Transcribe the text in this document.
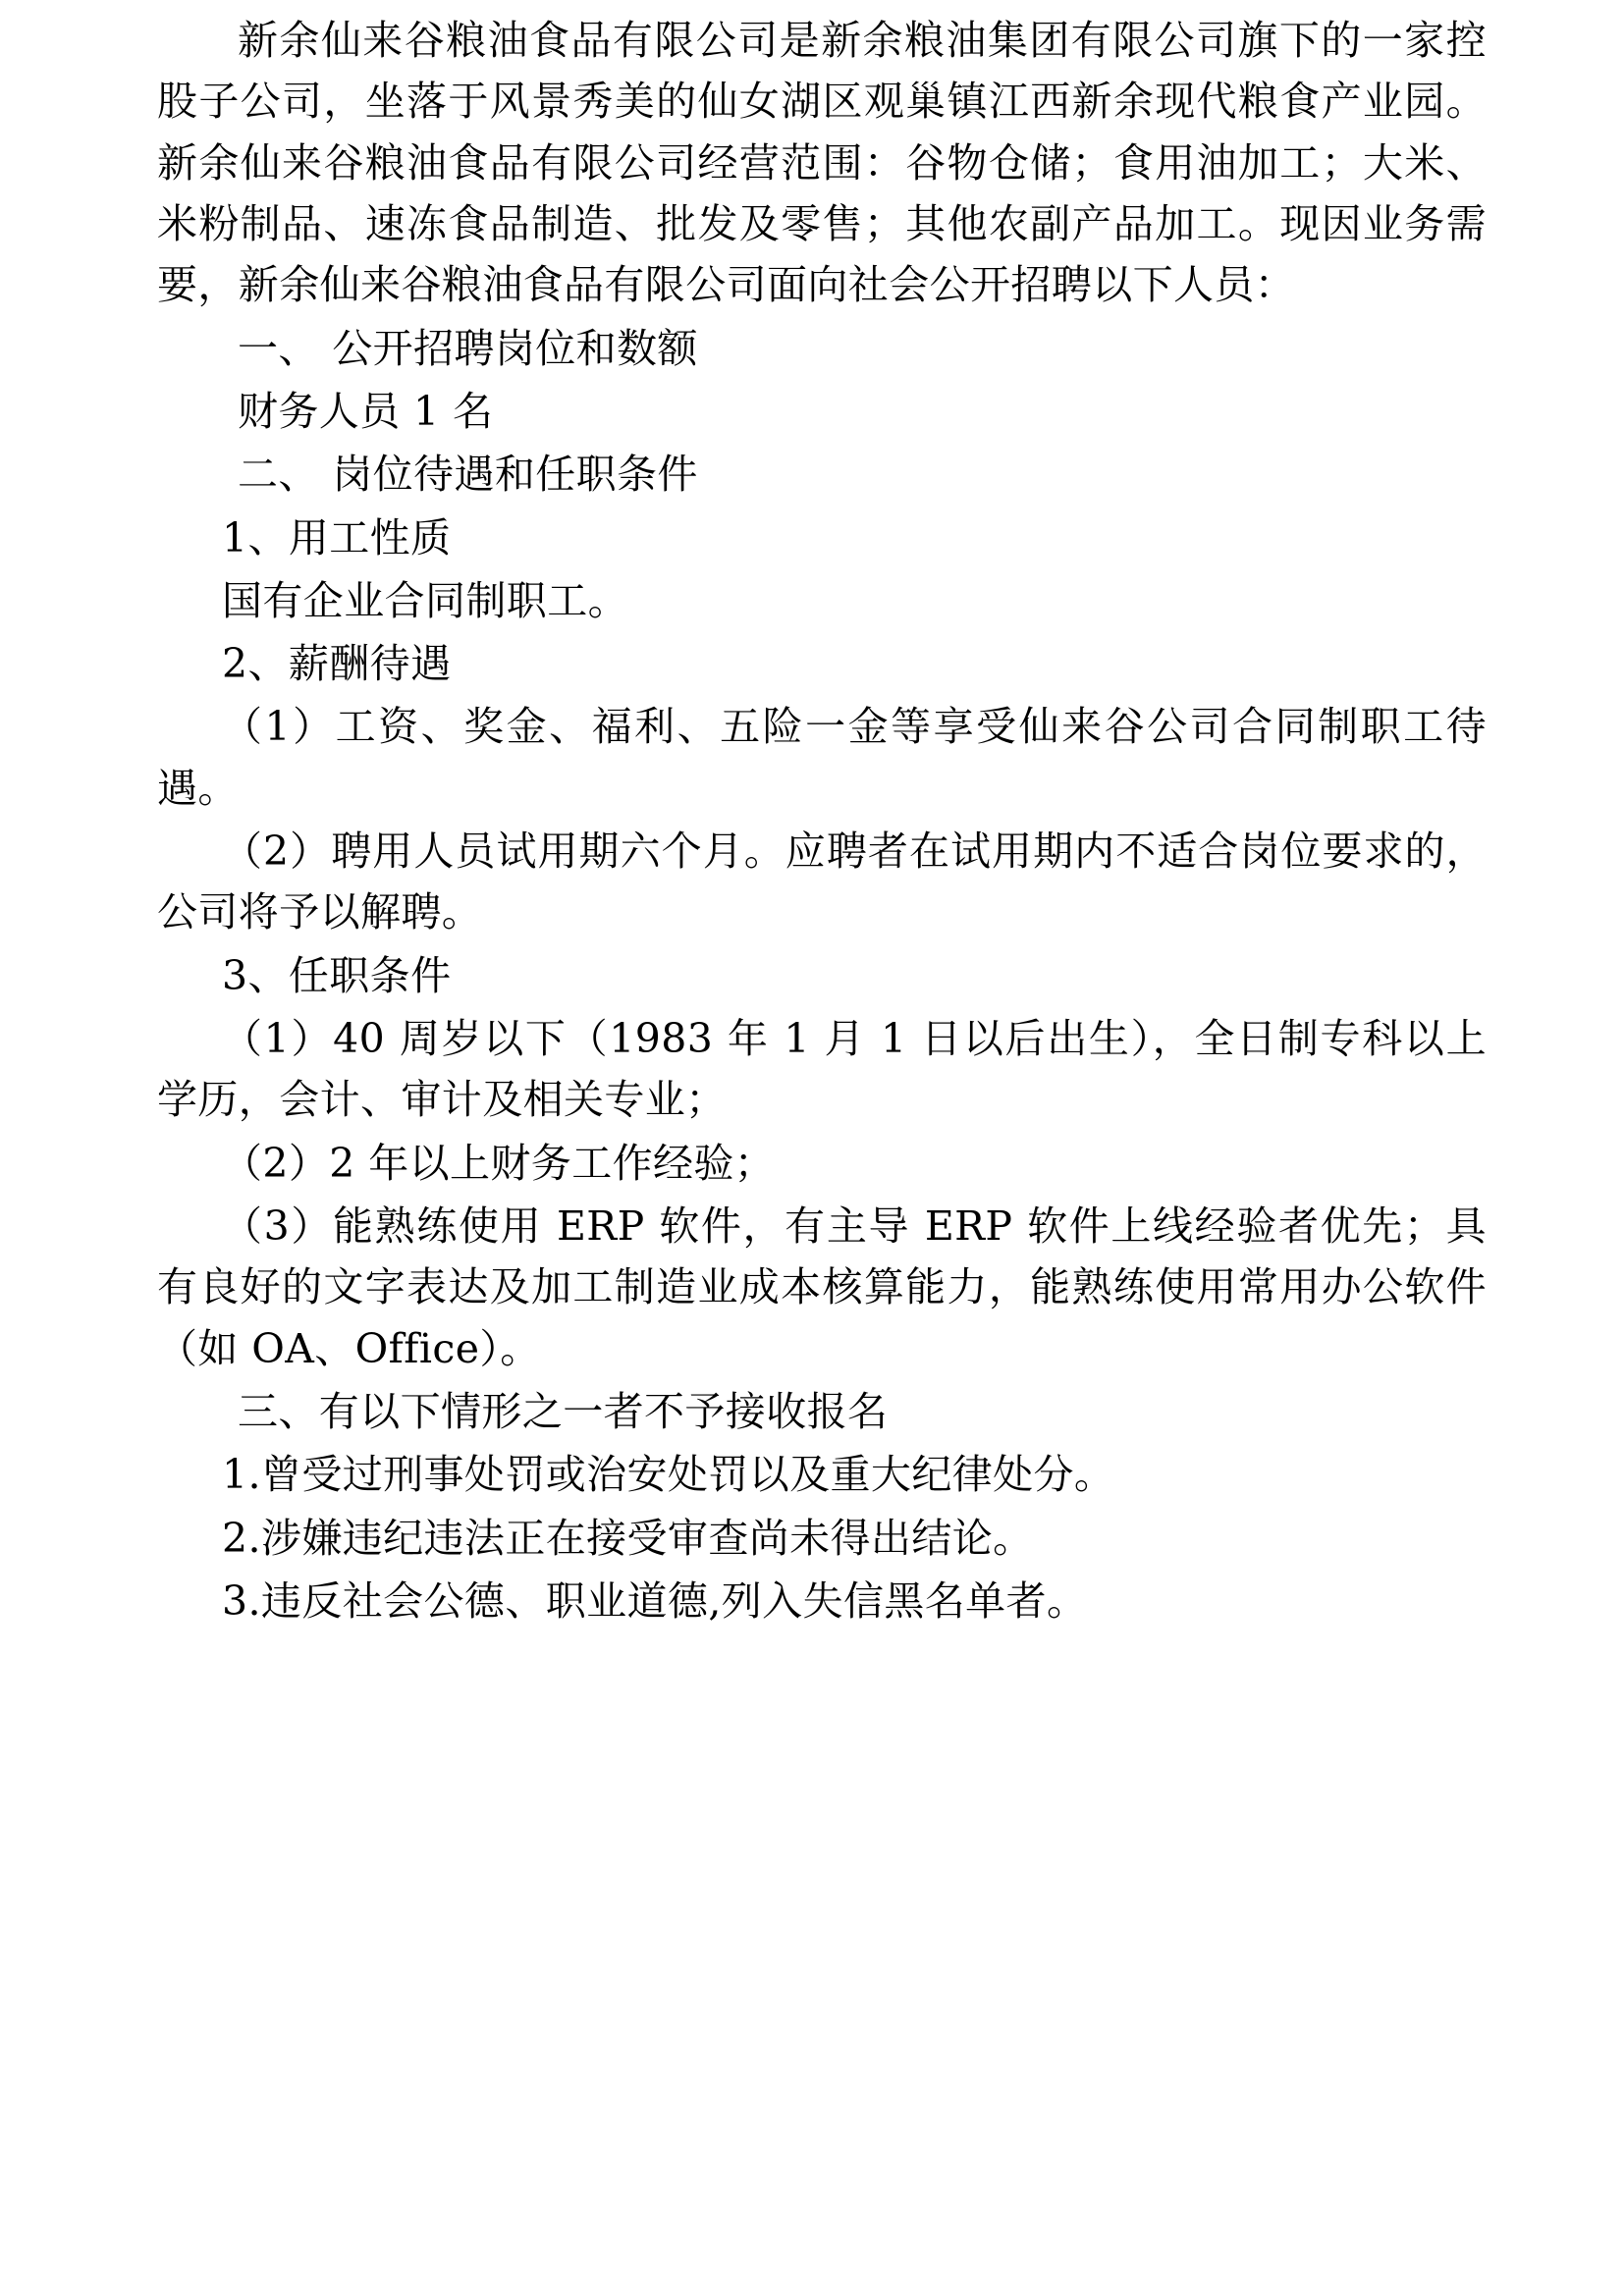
新余仙来谷粮油食品有限公司是新余粮油集团有限公司旗下的一家控股子公司，坐落于风景秀美的仙女湖区观巢镇江西新余现代粮食产业园。新余仙来谷粮油食品有限公司经营范围：谷物仓储；食用油加工；大米、米粉制品、速冻食品制造、批发及零售；其他农副产品加工。现因业务需要，新余仙来谷粮油食品有限公司面向社会公开招聘以下人员：

一、 公开招聘岗位和数额

财务人员 1 名

二、 岗位待遇和任职条件

1、用工性质

国有企业合同制职工。

2、薪酬待遇

（1）工资、奖金、福利、五险一金等享受仙来谷公司合同制职工待遇。

（2）聘用人员试用期六个月。应聘者在试用期内不适合岗位要求的，公司将予以解聘。

3、任职条件

（1）40 周岁以下（1983 年 1 月 1 日以后出生），全日制专科以上学历，会计、审计及相关专业；

（2）2 年以上财务工作经验；

（3）能熟练使用 ERP 软件，有主导 ERP 软件上线经验者优先；具有良好的文字表达及加工制造业成本核算能力，能熟练使用常用办公软件（如 OA、Office）。

三、有以下情形之一者不予接收报名

1.曾受过刑事处罚或治安处罚以及重大纪律处分。

2.涉嫌违纪违法正在接受审查尚未得出结论。

3.违反社会公德、职业道德,列入失信黑名单者。
